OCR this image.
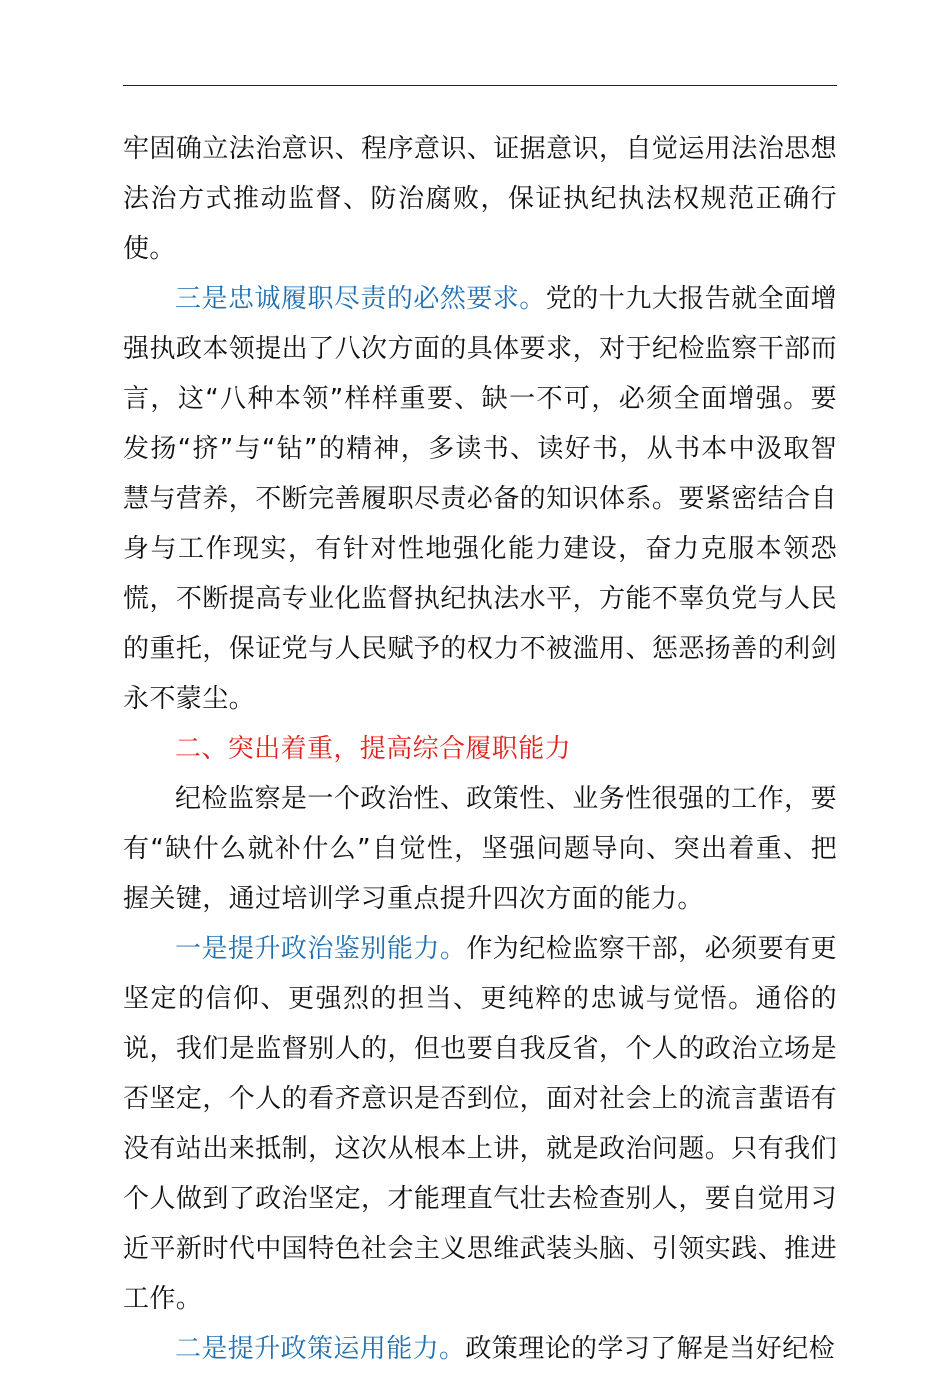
牢固确立法治意识、程序意识、证据意识，自觉运用法治思想法治方式推动监督、防治腐败，保证执纪执法权规范正确行使。

三是忠诚履职尽责的必然要求。党的十九大报告就全面增强执政本领提出了八次方面的具体要求，对于纪检监察干部而言，这“八种本领”样样重要、缺一不可，必须全面增强。要发扬“挤”与“钻”的精神，多读书、读好书，从书本中汲取智慧与营养，不断完善履职尽责必备的知识体系。要紧密结合自身与工作现实，有针对性地强化能力建设，奋力克服本领恐慌，不断提高专业化监督执纪执法水平，方能不辜负党与人民的重托，保证党与人民赋予的权力不被滥用、惩恶扬善的利剑永不蒙尘。

二、突出着重，提高综合履职能力

纪检监察是一个政治性、政策性、业务性很强的工作，要有“缺什么就补什么”自觉性，坚强问题导向、突出着重、把握关键，通过培训学习重点提升四次方面的能力。

一是提升政治鉴别能力。作为纪检监察干部，必须要有更坚定的信仰、更强烈的担当、更纯粹的忠诚与觉悟。通俗的说，我们是监督别人的，但也要自我反省，个人的政治立场是否坚定，个人的看齐意识是否到位，面对社会上的流言蜚语有没有站出来抵制，这次从根本上讲，就是政治问题。只有我们个人做到了政治坚定，才能理直气壮去检查别人，要自觉用习近平新时代中国特色社会主义思维武装头脑、引领实践、推进工作。

二是提升政策运用能力。政策理论的学习了解是当好纪检
